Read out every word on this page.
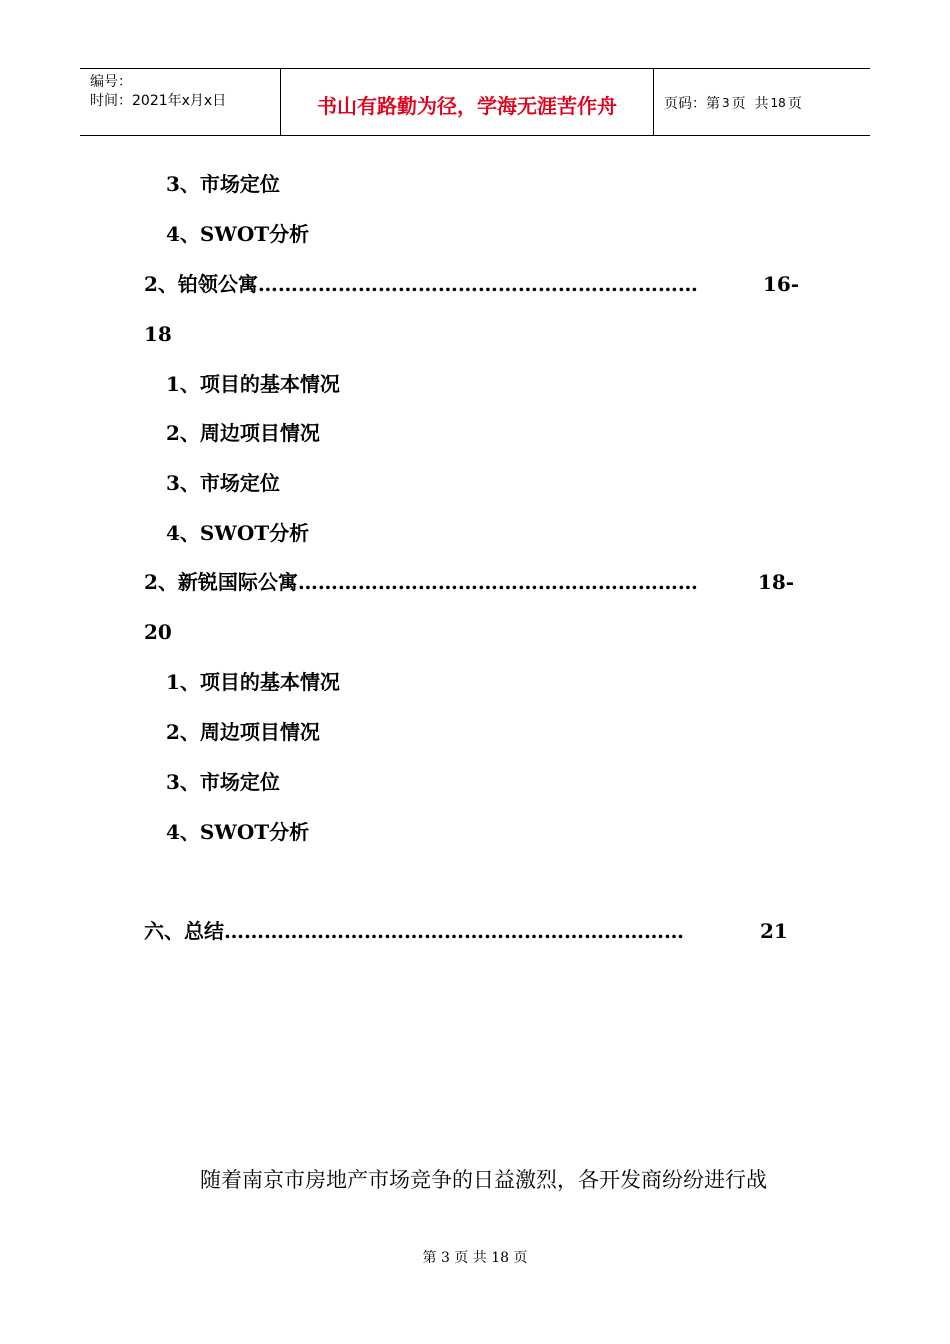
编号：
时间：2021年x月x日	书山有路勤为径，学海无涯苦作舟	页码：第 3 页  共 18 页
3、市场定位
4、SWOT分析
2、铂领公寓…………………………………………………………	16-
18
1、项目的基本情况
2、周边项目情况
3、市场定位
4、SWOT分析
2、新锐国际公寓……………………………………………………	18-
20
1、项目的基本情况
2、周边项目情况
3、市场定位
4、SWOT分析
六、总结……………………………………………………………	21
随着南京市房地产市场竞争的日益激烈，各开发商纷纷进行战
第 3 页 共 18 页
